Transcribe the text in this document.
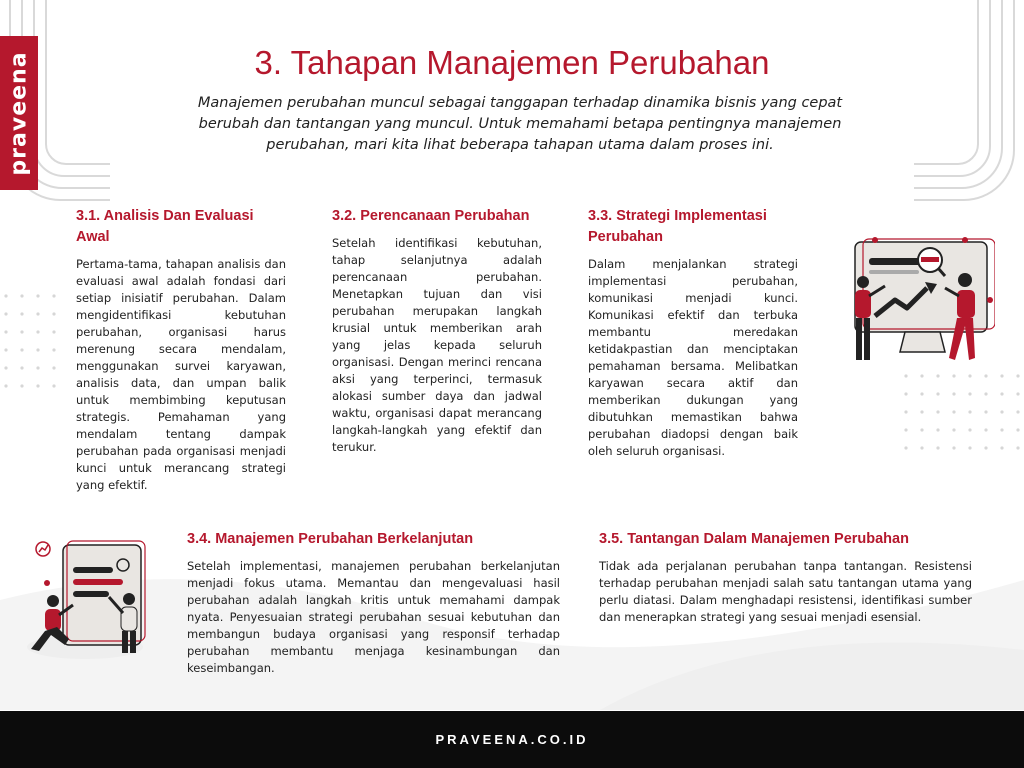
praveena	3. Tahapan Manajemen Perubahan
Manajemen perubahan muncul sebagai tanggapan terhadap dinamika bisnis yang cepat berubah dan tantangan yang muncul. Untuk memahami betapa pentingnya manajemen perubahan, mari kita lihat beberapa tahapan utama dalam proses ini.
3.1. Analisis Dan Evaluasi Awal

Pertama-tama, tahapan analisis dan evaluasi awal adalah fondasi dari setiap inisiatif perubahan. Dalam mengidentifikasi kebutuhan perubahan, organisasi harus merenung secara mendalam, menggunakan survei karyawan, analisis data, dan umpan balik untuk membimbing keputusan strategis. Pemahaman yang mendalam tentang dampak perubahan pada organisasi menjadi kunci untuk merancang strategi yang efektif.

3.2. Perencanaan Perubahan

Setelah identifikasi kebutuhan, tahap selanjutnya adalah perencanaan perubahan. Menetapkan tujuan dan visi perubahan merupakan langkah krusial untuk memberikan arah yang jelas kepada seluruh organisasi. Dengan merinci rencana aksi yang terperinci, termasuk alokasi sumber daya dan jadwal waktu, organisasi dapat merancang langkah-langkah yang efektif dan terukur.

3.3. Strategi Implementasi Perubahan

Dalam menjalankan strategi implementasi perubahan, komunikasi menjadi kunci. Komunikasi efektif dan terbuka membantu meredakan ketidakpastian dan menciptakan pemahaman bersama. Melibatkan karyawan secara aktif dan memberikan dukungan yang dibutuhkan memastikan bahwa perubahan diadopsi dengan baik oleh seluruh organisasi.

3.4. Manajemen Perubahan Berkelanjutan

Setelah implementasi, manajemen perubahan berkelanjutan menjadi fokus utama. Memantau dan mengevaluasi hasil perubahan adalah langkah kritis untuk memahami dampak nyata. Penyesuaian strategi perubahan sesuai kebutuhan dan membangun budaya organisasi yang responsif terhadap perubahan membantu menjaga kesinambungan dan keseimbangan.

3.5. Tantangan Dalam Manajemen Perubahan

Tidak ada perjalanan perubahan tanpa tantangan. Resistensi terhadap perubahan menjadi salah satu tantangan utama yang perlu diatasi. Dalam menghadapi resistensi, identifikasi sumber dan menerapkan strategi yang sesuai menjadi esensial.

PRAVEENA.CO.ID
